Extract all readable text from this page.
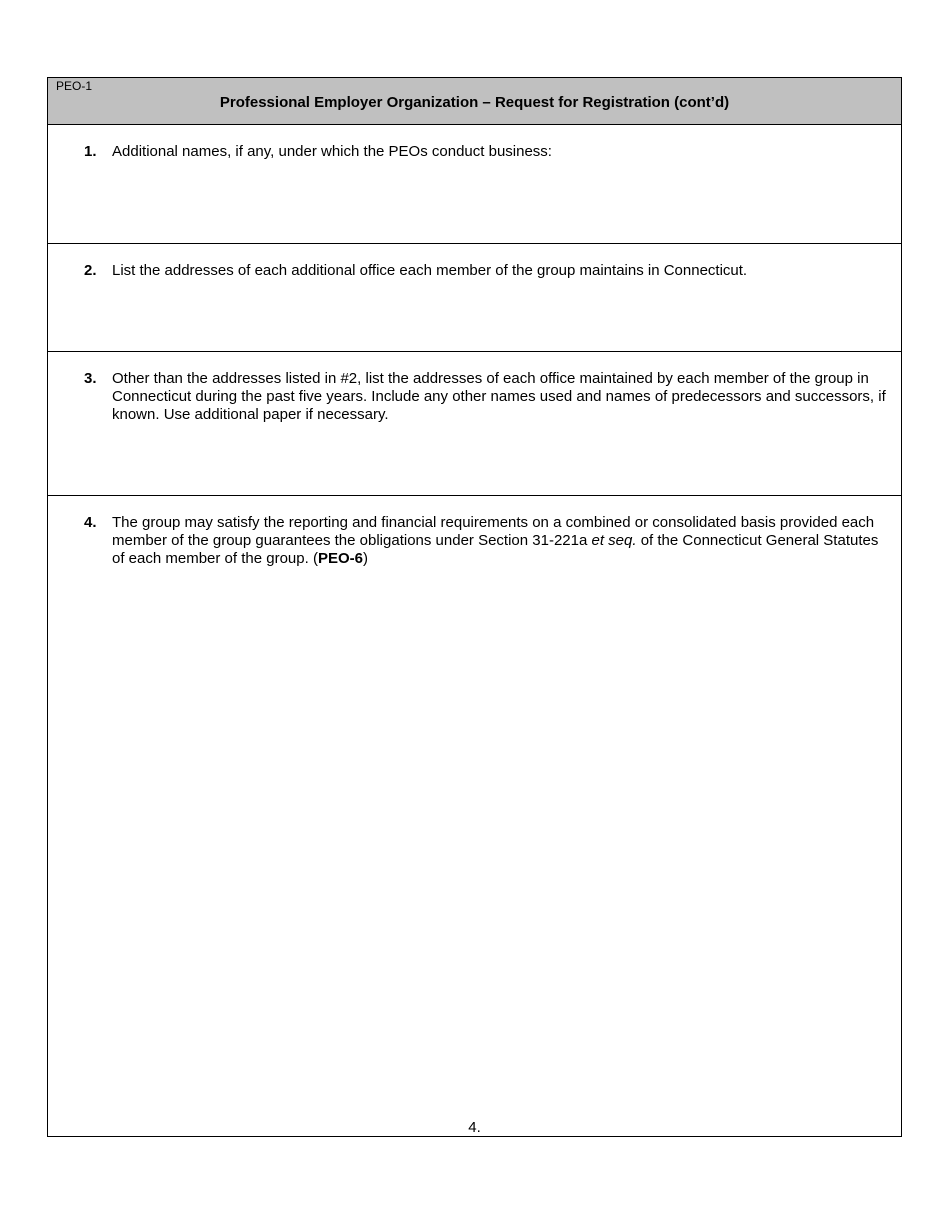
PEO-1
Professional Employer Organization – Request for Registration (cont’d)
1. Additional names, if any, under which the PEOs conduct business:
2. List the addresses of each additional office each member of the group maintains in Connecticut.
3. Other than the addresses listed in #2, list the addresses of each office maintained by each member of the group in Connecticut during the past five years. Include any other names used and names of predecessors and successors, if known. Use additional paper if necessary.
4. The group may satisfy the reporting and financial requirements on a combined or consolidated basis provided each member of the group guarantees the obligations under Section 31-221a et seq. of the Connecticut General Statutes of each member of the group. (PEO-6)
4.
